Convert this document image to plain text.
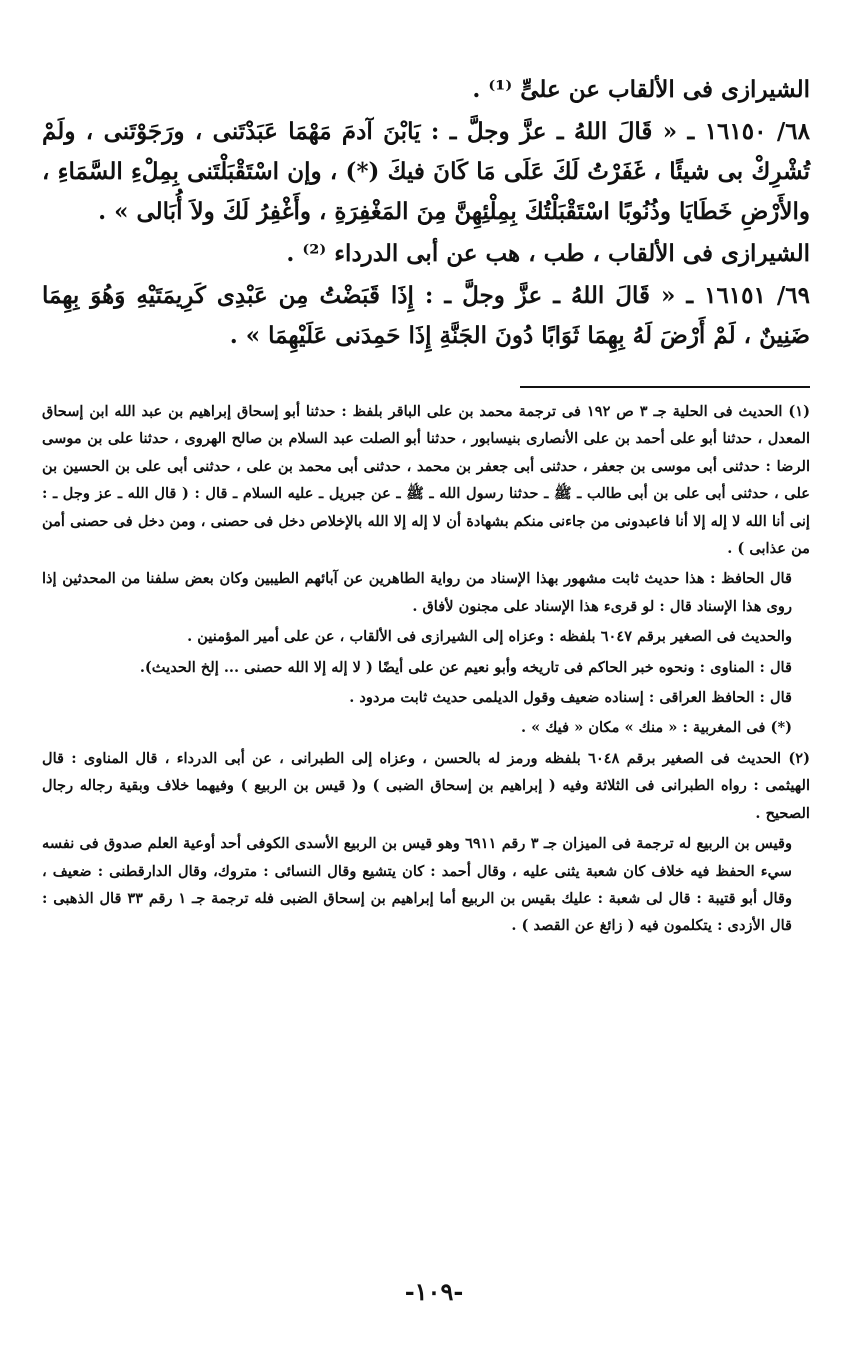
الشيرازى فى الألقاب عن علىٍّ ⁽¹⁾ .

٦٨/ ١٦١٥٠ ـ « قَالَ اللهُ ـ عزَّ وجلَّ ـ : يَابْنَ آدمَ مَهْمَا عَبَدْتَنى ، ورَجَوْتَنى ، ولَمْ تُشْرِكْ بى شيئًا ، غَفَرْتُ لَكَ عَلَى مَا كَانَ فيكَ (*) ، وإن اسْتَقْبَلْتَنى بِمِلْءِ السَّمَاءِ ، والأَرْضِ خَطَايَا وذُنُوبًا اسْتَقْبَلْتُكَ بِمِلْئِهِنَّ مِنَ المَغْفِرَةِ ، وأَغْفِرُ لَكَ ولاَ أُبَالى » .

الشيرازى فى الألقاب ، طب ، هب عن أبى الدرداء ⁽²⁾ .

٦٩/ ١٦١٥١ ـ « قَالَ اللهُ ـ عزَّ وجلَّ ـ : إِذَا قَبَضْتُ مِن عَبْدِى كَرِيمَتَيْهِ وَهُوَ بِهِمَا ضَنِينٌ ، لَمْ أَرْضَ لَهُ بِهِمَا ثَوَابًا دُونَ الجَنَّةِ إِذَا حَمِدَنى عَلَيْهِمَا » .

(١) الحديث فى الحلية جـ ٣ ص ١٩٢ فى ترجمة محمد بن على الباقر بلفظ : حدثنا أبو إسحاق إبراهيم بن عبد الله ابن إسحاق المعدل ، حدثنا أبو على أحمد بن على الأنصارى بنيسابور ، حدثنا أبو الصلت عبد السلام بن صالح الهروى ، حدثنا على بن موسى الرضا : حدثنى أبى موسى بن جعفر ، حدثنى أبى جعفر بن محمد ، حدثنى أبى محمد بن على ، حدثنى أبى على بن الحسين بن على ، حدثنى أبى على بن أبى طالب ـ ﷺ ـ حدثنا رسول الله ـ ﷺ ـ عن جبريل ـ عليه السلام ـ قال : ( قال الله ـ عز وجل ـ : إنى أنا الله لا إله إلا أنا فاعبدونى من جاءنى منكم بشهادة أن لا إله إلا الله بالإخلاص دخل فى حصنى ، ومن دخل فى حصنى أمن من عذابى ) .

قال الحافظ : هذا حديث ثابت مشهور بهذا الإسناد من رواية الطاهرين عن آبائهم الطيبين وكان بعض سلفنا من المحدثين إذا روى هذا الإسناد قال : لو قرىء هذا الإسناد على مجنون لأفاق .

والحديث فى الصغير برقم ٦٠٤٧ بلفظه : وعزاه إلى الشيرازى فى الألقاب ، عن على أمير المؤمنين .

قال : المناوى : ونحوه خبر الحاكم فى تاريخه وأبو نعيم عن على أيضًا ( لا إله إلا الله حصنى ... إلخ الحديث).

قال : الحافظ العراقى : إسناده ضعيف وقول الديلمى حديث ثابت مردود .

(*) فى المغربية : « منك » مكان « فيك » .

(٢) الحديث فى الصغير برقم ٦٠٤٨ بلفظه ورمز له بالحسن ، وعزاه إلى الطبرانى ، عن أبى الدرداء ، قال المناوى : قال الهيثمى : رواه الطبرانى فى الثلاثة وفيه ( إبراهيم بن إسحاق الضبى ) و( قيس بن الربيع ) وفيهما خلاف وبقية رجاله رجال الصحيح .

وقيس بن الربيع له ترجمة فى الميزان جـ ٣ رقم ٦٩١١ وهو قيس بن الربيع الأسدى الكوفى أحد أوعية العلم صدوق فى نفسه سيء الحفظ فيه خلاف كان شعبة يثنى عليه ، وقال أحمد : كان يتشيع وقال النسائى : متروك، وقال الدارقطنى : ضعيف ، وقال أبو قتيبة : قال لى شعبة : عليك بقيس بن الربيع أما إبراهيم بن إسحاق الضبى فله ترجمة جـ ١ رقم ٣٣ قال الذهبى : قال الأزدى : يتكلمون فيه ( زائغ عن القصد ) .

-١٠٩-
